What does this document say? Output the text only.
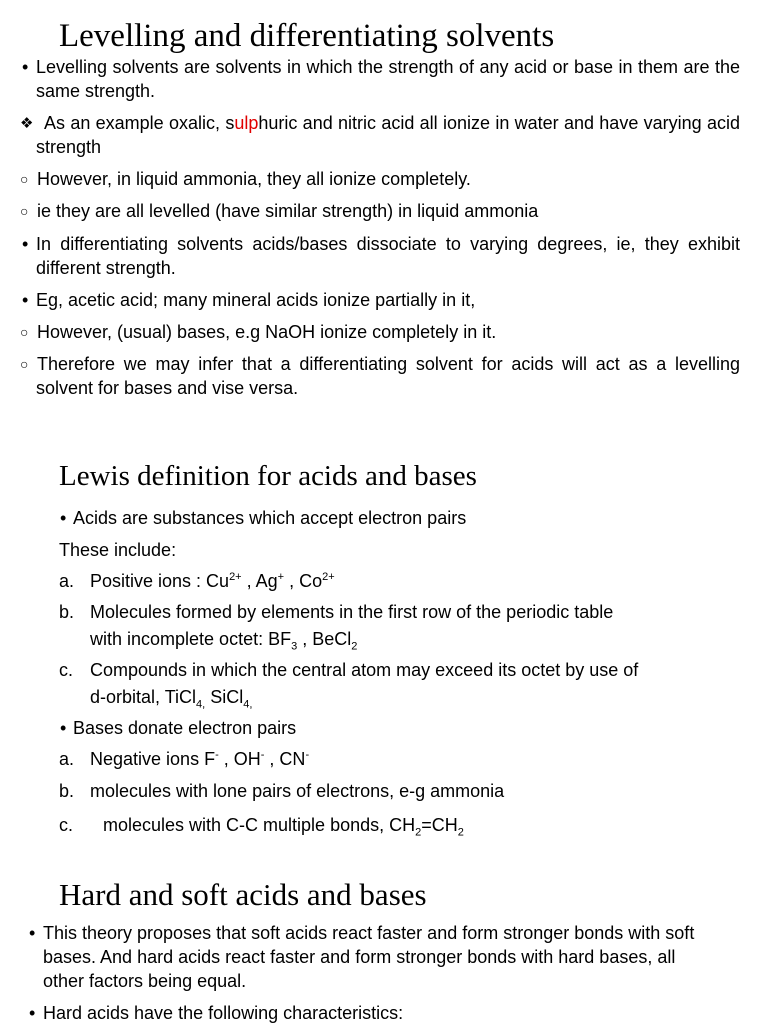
Levelling and differentiating solvents
• Levelling solvents are solvents in which the strength of any acid or base in them are the same strength.
❖ As an example oxalic, sulphuric and nitric acid all ionize in water and have varying acid strength
○ However, in liquid ammonia, they all ionize completely.
○ ie they are all levelled (have similar strength) in liquid ammonia
• In differentiating solvents acids/bases dissociate to varying degrees, ie, they exhibit different strength.
• Eg, acetic acid; many mineral acids ionize partially in it,
○ However, (usual) bases, e.g NaOH ionize completely in it.
○ Therefore we may infer that a differentiating solvent for acids will act as a levelling solvent for bases and vise versa.
Lewis definition for acids and bases
• Acids are substances which accept electron pairs
These include:
a. Positive ions : $Cu^{2+}$ , Ag+ , $Co^{2+}$
b. Molecules formed by elements in the first row of the periodic table
with incomplete octet: $BF_3$ , BeCl$_2$
c. Compounds in which the central atom may exceed its octet by use of
d-orbital, TiCl$_{4,}$ SiCl$_{4,}$
• Bases donate electron pairs
a. Negative ions F- , OH- , CN-
b. molecules with lone pairs of electrons, e-g ammonia
c. molecules with C-C multiple bonds, $CH_2=CH_2$
Hard and soft acids and bases
• This theory proposes that soft acids react faster and form stronger bonds with soft bases. And hard acids react faster and form stronger bonds with hard bases, all other factors being equal.
• Hard acids have the following characteristics:
